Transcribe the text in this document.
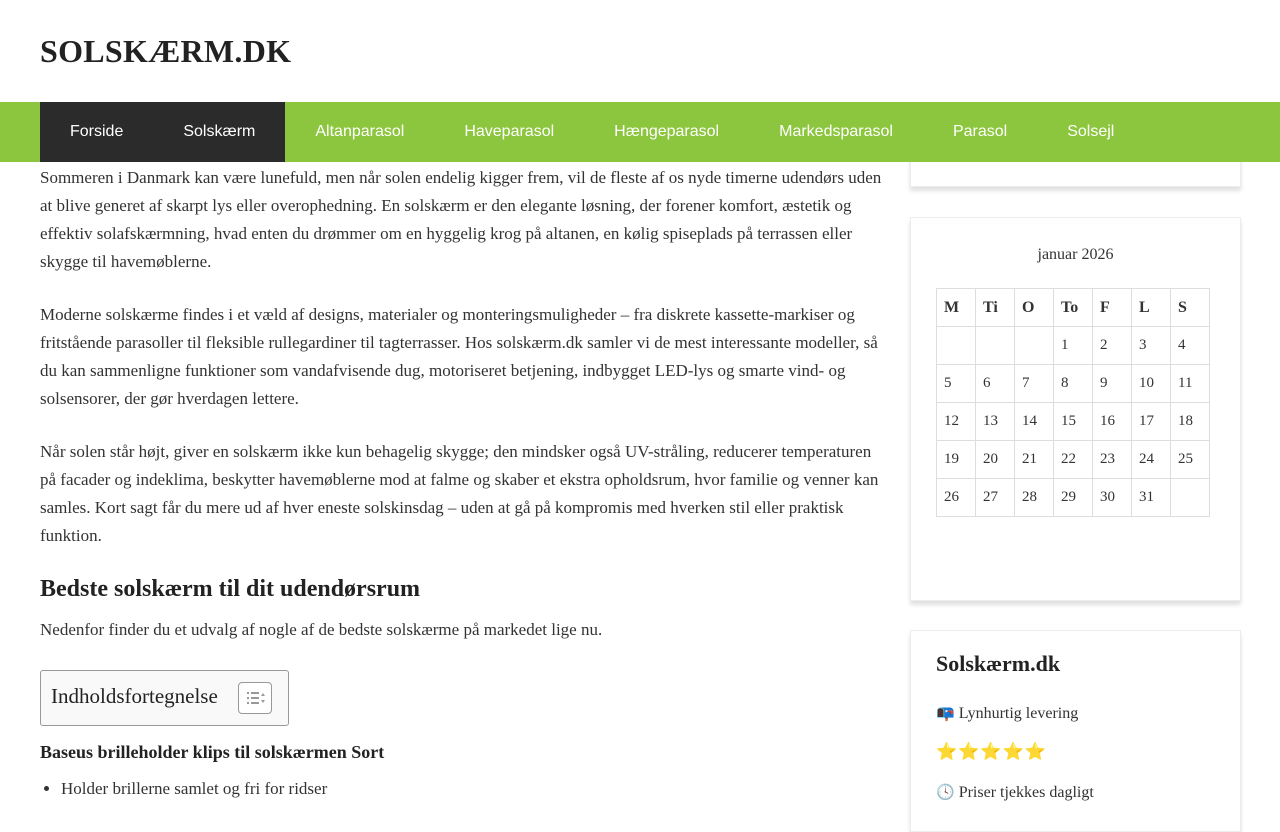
SOLSKÆRM.DK
Forside	Solskærm	Altanparasol	Haveparasol	Hængeparasol	Markedsparasol	Parasol	Solsejl

Sommeren i Danmark kan være lunefuld, men når solen endelig kigger frem, vil de fleste af os nyde timerne udendørs uden at blive generet af skarpt lys eller overophedning. En solskærm er den elegante løsning, der forener komfort, æstetik og effektiv solafskærmning, hvad enten du drømmer om en hyggelig krog på altanen, en kølig spiseplads på terrassen eller skygge til havemøblerne.

Moderne solskærme findes i et væld af designs, materialer og monteringsmuligheder – fra diskrete kassette-markiser og fritstående parasoller til fleksible rullegardiner til tagterrasser. Hos solskærm.dk samler vi de mest interessante modeller, så du kan sammenligne funktioner som vandafvisende dug, motoriseret betjening, indbygget LED-lys og smarte vind- og solsensorer, der gør hverdagen lettere.

Når solen står højt, giver en solskærm ikke kun behagelig skygge; den mindsker også UV-stråling, reducerer temperaturen på facader og indeklima, beskytter havemøblerne mod at falme og skaber et ekstra opholdsrum, hvor familie og venner kan samles. Kort sagt får du mere ud af hver eneste solskinsdag – uden at gå på kompromis med hverken stil eller praktisk funktion.

Bedste solskærm til dit udendørsrum

Nedenfor finder du et udvalg af nogle af de bedste solskærme på markedet lige nu.

Indholdsfortegnelse
Baseus brilleholder klips til solskærmen Sort
• Holder brillerne samlet og fri for ridser
januar 2026
M	Ti	O	To	F	L	S
			1	2	3	4
5	6	7	8	9	10	11
12	13	14	15	16	17	18
19	20	21	22	23	24	25
26	27	28	29	30	31	
Solskærm.dk
📭 Lynhurtig levering
⭐⭐⭐⭐⭐
🕓 Priser tjekkes dagligt
